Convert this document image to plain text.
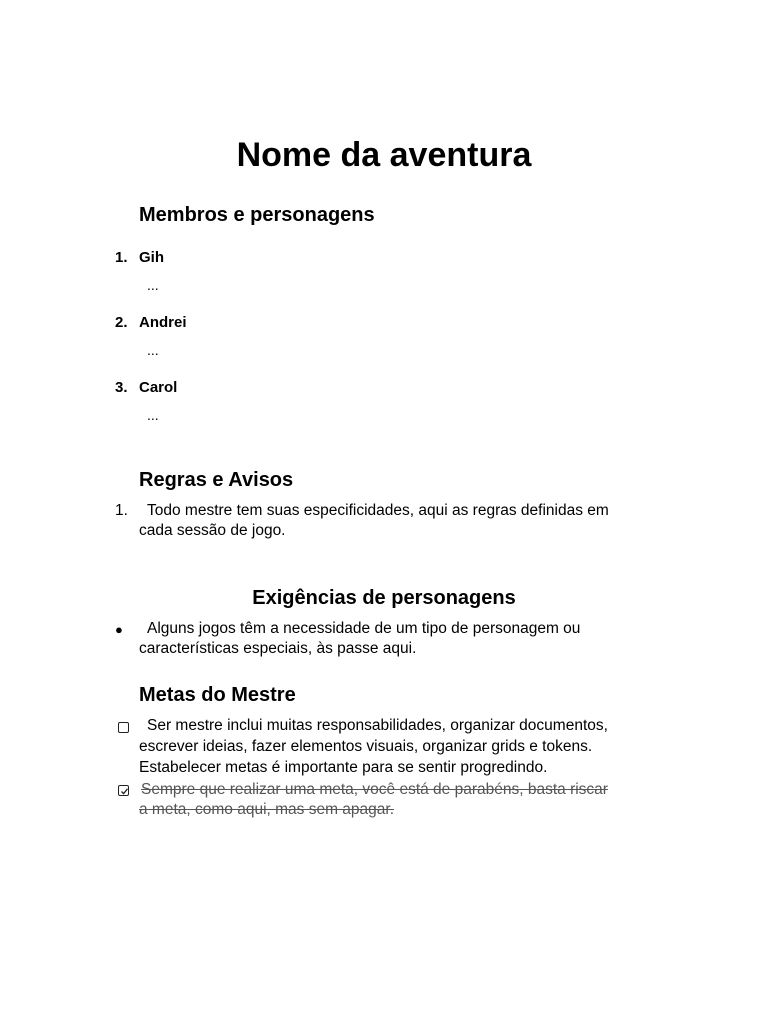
Nome da aventura
Membros e personagens
1. Gih
...
2. Andrei
...
3. Carol
...
Regras e Avisos
1. Todo mestre tem suas especificidades, aqui as regras definidas em
cada sessão de jogo.
Exigências de personagens
● Alguns jogos têm a necessidade de um tipo de personagem ou
características especiais, às passe aqui.
Metas do Mestre
Ser mestre inclui muitas responsabilidades, organizar documentos,
escrever ideias, fazer elementos visuais, organizar grids e tokens.
Estabelecer metas é importante para se sentir progredindo.
Sempre que realizar uma meta, você está de parabéns, basta riscar
a meta, como aqui, mas sem apagar.
